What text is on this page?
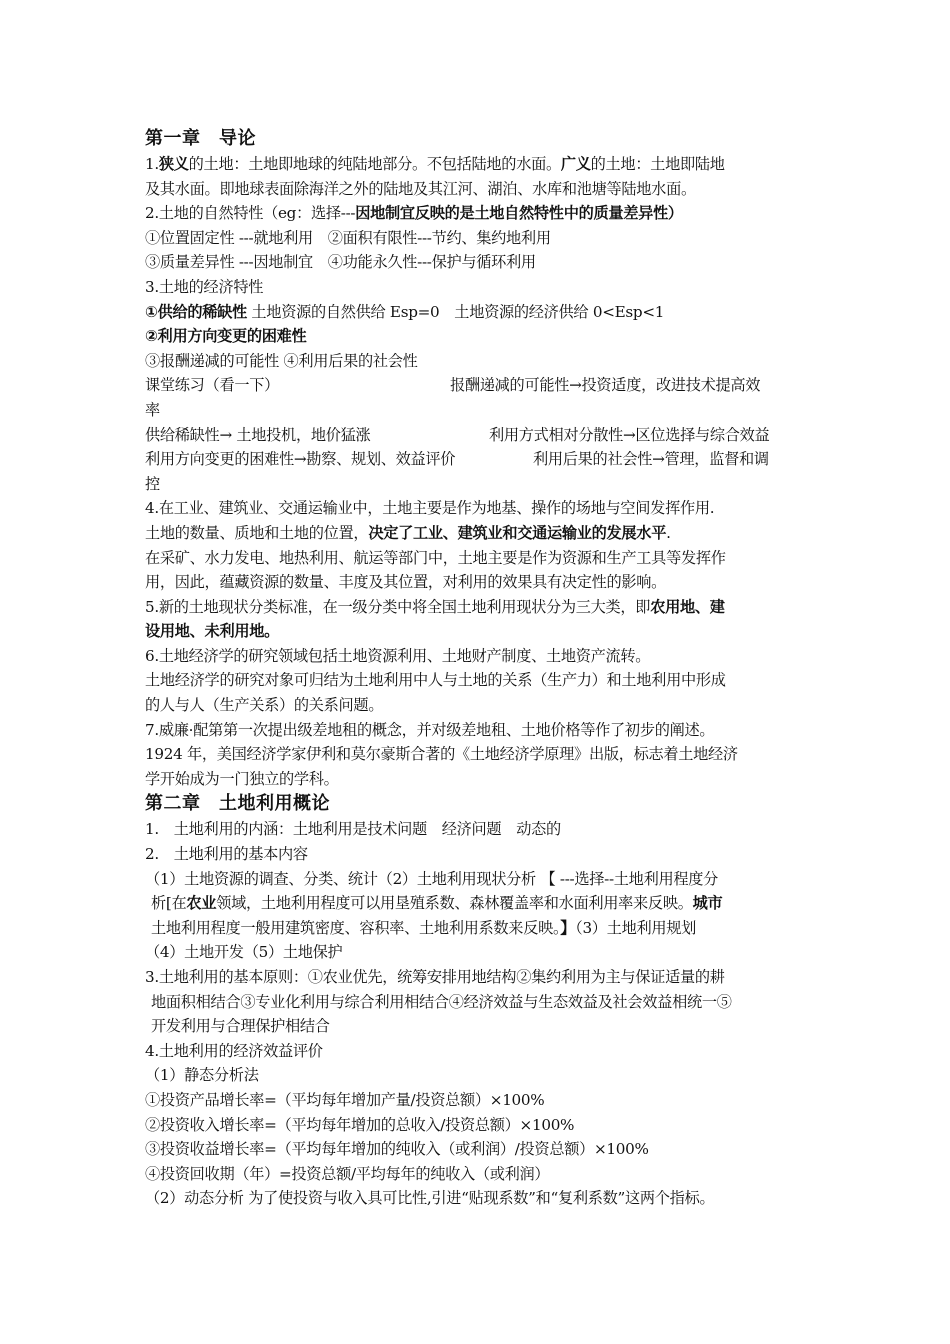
第一章　导论
1.狭义的土地：土地即地球的纯陆地部分。不包括陆地的水面。广义的土地：土地即陆地
及其水面。即地球表面除海洋之外的陆地及其江河、湖泊、水库和池塘等陆地水面。
2.土地的自然特性（eg：选择---因地制宜反映的是土地自然特性中的质量差异性）
①位置固定性 ---就地利用　②面积有限性---节约、集约地利用
③质量差异性 ---因地制宜　④功能永久性---保护与循环利用
3.土地的经济特性
①供给的稀缺性 土地资源的自然供给 Esp=0　土地资源的经济供给 0<Esp<1
②利用方向变更的困难性
③报酬递减的可能性 ④利用后果的社会性
课堂练习（看一下）	报酬递减的可能性→投资适度，改进技术提高效
率
供给稀缺性→ 土地投机，地价猛涨	利用方式相对分散性→区位选择与综合效益
利用方向变更的困难性→勘察、规划、效益评价	利用后果的社会性→管理，监督和调
控
4.在工业、建筑业、交通运输业中，土地主要是作为地基、操作的场地与空间发挥作用.
土地的数量、质地和土地的位置，决定了工业、建筑业和交通运输业的发展水平.
在采矿、水力发电、地热利用、航运等部门中，土地主要是作为资源和生产工具等发挥作
用，因此，蕴藏资源的数量、丰度及其位置，对利用的效果具有决定性的影响。
5.新的土地现状分类标准，在一级分类中将全国土地利用现状分为三大类，即农用地、建
设用地、未利用地。
6.土地经济学的研究领域包括土地资源利用、土地财产制度、土地资产流转。
土地经济学的研究对象可归结为土地利用中人与土地的关系（生产力）和土地利用中形成
的人与人（生产关系）的关系问题。
7.威廉·配第第一次提出级差地租的概念，并对级差地租、土地价格等作了初步的阐述。
1924 年，美国经济学家伊利和莫尔豪斯合著的《土地经济学原理》出版，标志着土地经济
学开始成为一门独立的学科。
第二章　土地利用概论
1.　土地利用的内涵：土地利用是技术问题　经济问题　动态的
2.　土地利用的基本内容
（1）土地资源的调查、分类、统计（2）土地利用现状分析 【 ---选择--土地利用程度分
析[在农业领域，土地利用程度可以用垦殖系数、森林覆盖率和水面利用率来反映。城市
土地利用程度一般用建筑密度、容积率、土地利用系数来反映。】（3）土地利用规划
（4）土地开发（5）土地保护
3.土地利用的基本原则：①农业优先，统筹安排用地结构②集约利用为主与保证适量的耕
地面积相结合③专业化利用与综合利用相结合④经济效益与生态效益及社会效益相统一⑤
开发利用与合理保护相结合
4.土地利用的经济效益评价
（1）静态分析法
①投资产品增长率=（平均每年增加产量/投资总额）×100%
②投资收入增长率=（平均每年增加的总收入/投资总额）×100%
③投资收益增长率=（平均每年增加的纯收入（或利润）/投资总额）×100%
④投资回收期（年）=投资总额/平均每年的纯收入（或利润）
（2）动态分析 为了使投资与收入具可比性,引进“贴现系数”和“复利系数”这两个指标。
